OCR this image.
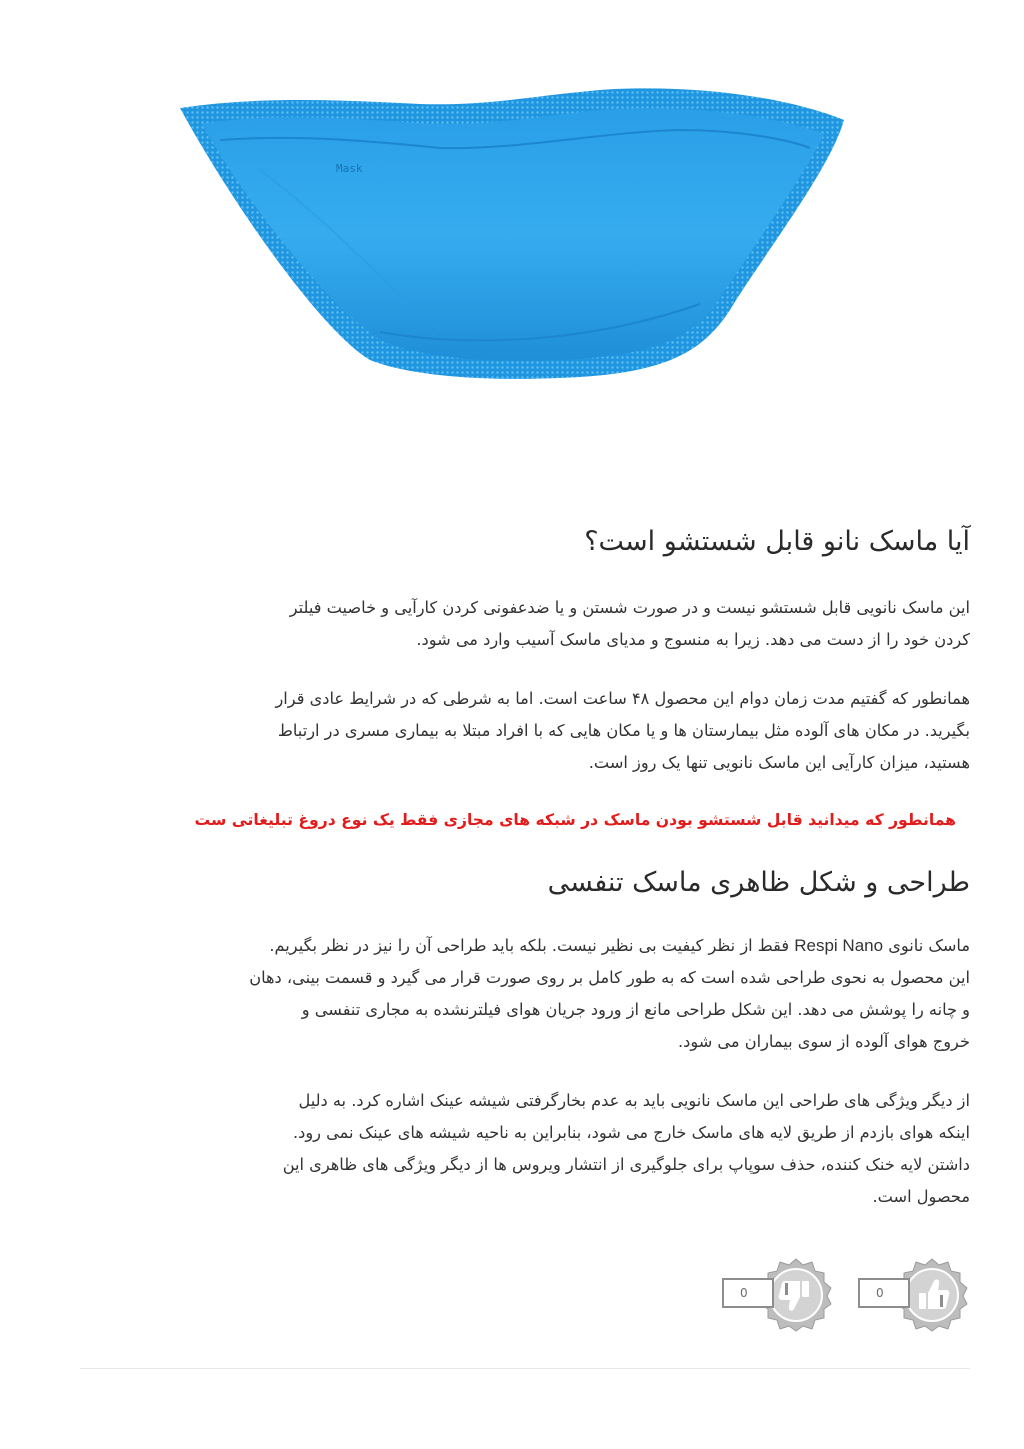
Mask
آیا ماسک نانو قابل شستشو است؟
این ماسک نانویی قابل شستشو نیست و در صورت شستن و یا ضدعفونی کردن کارآیی و خاصیت فیلتر
کردن خود را از دست می دهد. زیرا به منسوج و مدیای ماسک آسیب وارد می شود.
همانطور که گفتیم مدت زمان دوام این محصول ۴۸ ساعت است. اما به شرطی که در شرایط عادی قرار
بگیرید. در مکان های آلوده مثل بیمارستان ها و یا مکان هایی که با افراد مبتلا به بیماری مسری در ارتباط
هستید، میزان کارآیی این ماسک نانویی تنها یک روز است.

همانطور که میدانید قابل شستشو بودن ماسک در شبکه های مجازی فقط یک نوع دروغ تبلیغاتی ست

طراحی و شکل ظاهری ماسک تنفسی
ماسک نانوی Respi Nano فقط از نظر کیفیت بی نظیر نیست. بلکه باید طراحی آن را نیز در نظر بگیریم.
این محصول به نحوی طراحی شده است که به طور کامل بر روی صورت قرار می گیرد و قسمت بینی، دهان
و چانه را پوشش می دهد. این شکل طراحی مانع از ورود جریان هوای فیلترنشده به مجاری تنفسی و
خروج هوای آلوده از سوی بیماران می شود.
از دیگر ویژگی های طراحی این ماسک نانویی باید به عدم بخارگرفتی شیشه عینک اشاره کرد. به دلیل
اینکه هوای بازدم از طریق لایه های ماسک خارج می شود، بنابراین به ناحیه شیشه های عینک نمی رود.
داشتن لایه خنک کننده، حذف سوپاپ برای جلوگیری از انتشار ویروس ها از دیگر ویژگی های ظاهری این
محصول است.
0
0
